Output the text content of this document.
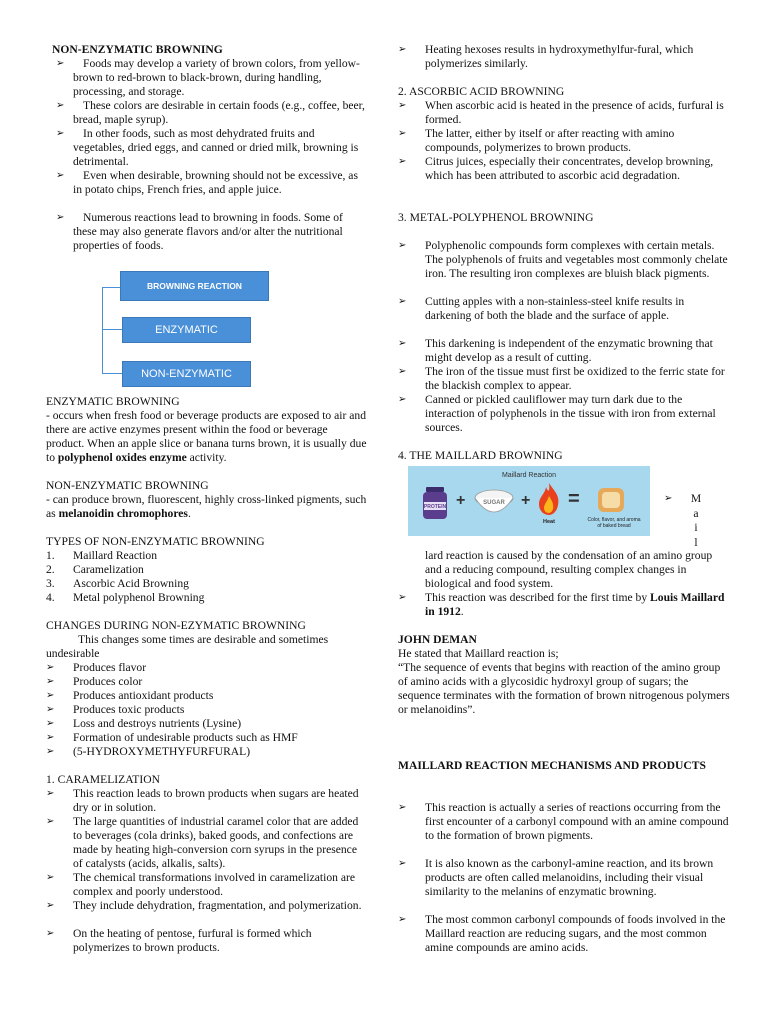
NON-ENZYMATIC BROWNING
➢ Foods may develop a variety of brown colors, from yellow-brown to red-brown to black-brown, during handling, processing, and storage.
➢ These colors are desirable in certain foods (e.g., coffee, beer, bread, maple syrup).
➢ In other foods, such as most dehydrated fruits and vegetables, dried eggs, and canned or dried milk, browning is detrimental.
➢ Even when desirable, browning should not be excessive, as in potato chips, French fries, and apple juice.
➢ Numerous reactions lead to browning in foods. Some of these may also generate flavors and/or alter the nutritional properties of foods.
BROWNING REACTION
ENZYMATIC
NON-ENZYMATIC
ENZYMATIC BROWNING
- occurs when fresh food or beverage products are exposed to air and there are active enzymes present within the food or beverage product. When an apple slice or banana turns brown, it is usually due to polyphenol oxides enzyme activity.
NON-ENZYMATIC BROWNING
- can produce brown, fluorescent, highly cross-linked pigments, such as melanoidin chromophores.
TYPES OF NON-ENZYMATIC BROWNING
1. Maillard Reaction
2. Caramelization
3. Ascorbic Acid Browning
4. Metal polyphenol Browning
CHANGES DURING NON-EZYMATIC BROWNING
This changes some times are desirable and sometimes undesirable
➢ Produces flavor
➢ Produces color
➢ Produces antioxidant products
➢ Produces toxic products
➢ Loss and destroys nutrients (Lysine)
➢ Formation of undesirable products such as HMF
➢ (5-HYDROXYMETHYFURFURAL)
1. CARAMELIZATION
➢ This reaction leads to brown products when sugars are heated dry or in solution.
➢ The large quantities of industrial caramel color that are added to beverages (cola drinks), baked goods, and confections are made by heating high-conversion corn syrups in the presence of catalysts (acids, alkalis, salts).
➢ The chemical transformations involved in caramelization are complex and poorly understood.
➢ They include dehydration, fragmentation, and polymerization.
➢ On the heating of pentose, furfural is formed which polymerizes to brown products.
➢ Heating hexoses results in hydroxymethylfur-fural, which polymerizes similarly.
2. ASCORBIC ACID BROWNING
➢ When ascorbic acid is heated in the presence of acids, furfural is formed.
➢ The latter, either by itself or after reacting with amino compounds, polymerizes to brown products.
➢ Citrus juices, especially their concentrates, develop browning, which has been attributed to ascorbic acid degradation.
3. METAL-POLYPHENOL BROWNING
➢ Polyphenolic compounds form complexes with certain metals. The polyphenols of fruits and vegetables most commonly chelate iron. The resulting iron complexes are bluish black pigments.
➢ Cutting apples with a non-stainless-steel knife results in darkening of both the blade and the surface of apple.
➢ This darkening is independent of the enzymatic browning that might develop as a result of cutting.
➢ The iron of the tissue must first be oxidized to the ferric state for the blackish complex to appear.
➢ Canned or pickled cauliflower may turn dark due to the interaction of polyphenols in the tissue with iron from external sources.
4. THE MAILLARD BROWNING
Maillard Reaction
PROTEIN +	SUGAR +
Heat
=
Color, flavor, and aroma of baked bread
➢ M
a
i
l
lard reaction is caused by the condensation of an amino group and a reducing compound, resulting complex changes in biological and food system.
➢ This reaction was described for the first time by Louis Maillard in 1912.
JOHN DEMAN
He stated that Maillard reaction is;
“The sequence of events that begins with reaction of the amino group of amino acids with a glycosidic hydroxyl group of sugars; the sequence terminates with the formation of brown nitrogenous polymers or melanoidins”.
MAILLARD REACTION MECHANISMS AND PRODUCTS
➢ This reaction is actually a series of reactions occurring from the first encounter of a carbonyl compound with an amine compound to the formation of brown pigments.
➢ It is also known as the carbonyl-amine reaction, and its brown products are often called melanoidins, including their visual similarity to the melanins of enzymatic browning.
➢ The most common carbonyl compounds of foods involved in the Maillard reaction are reducing sugars, and the most common amine compounds are amino acids.
